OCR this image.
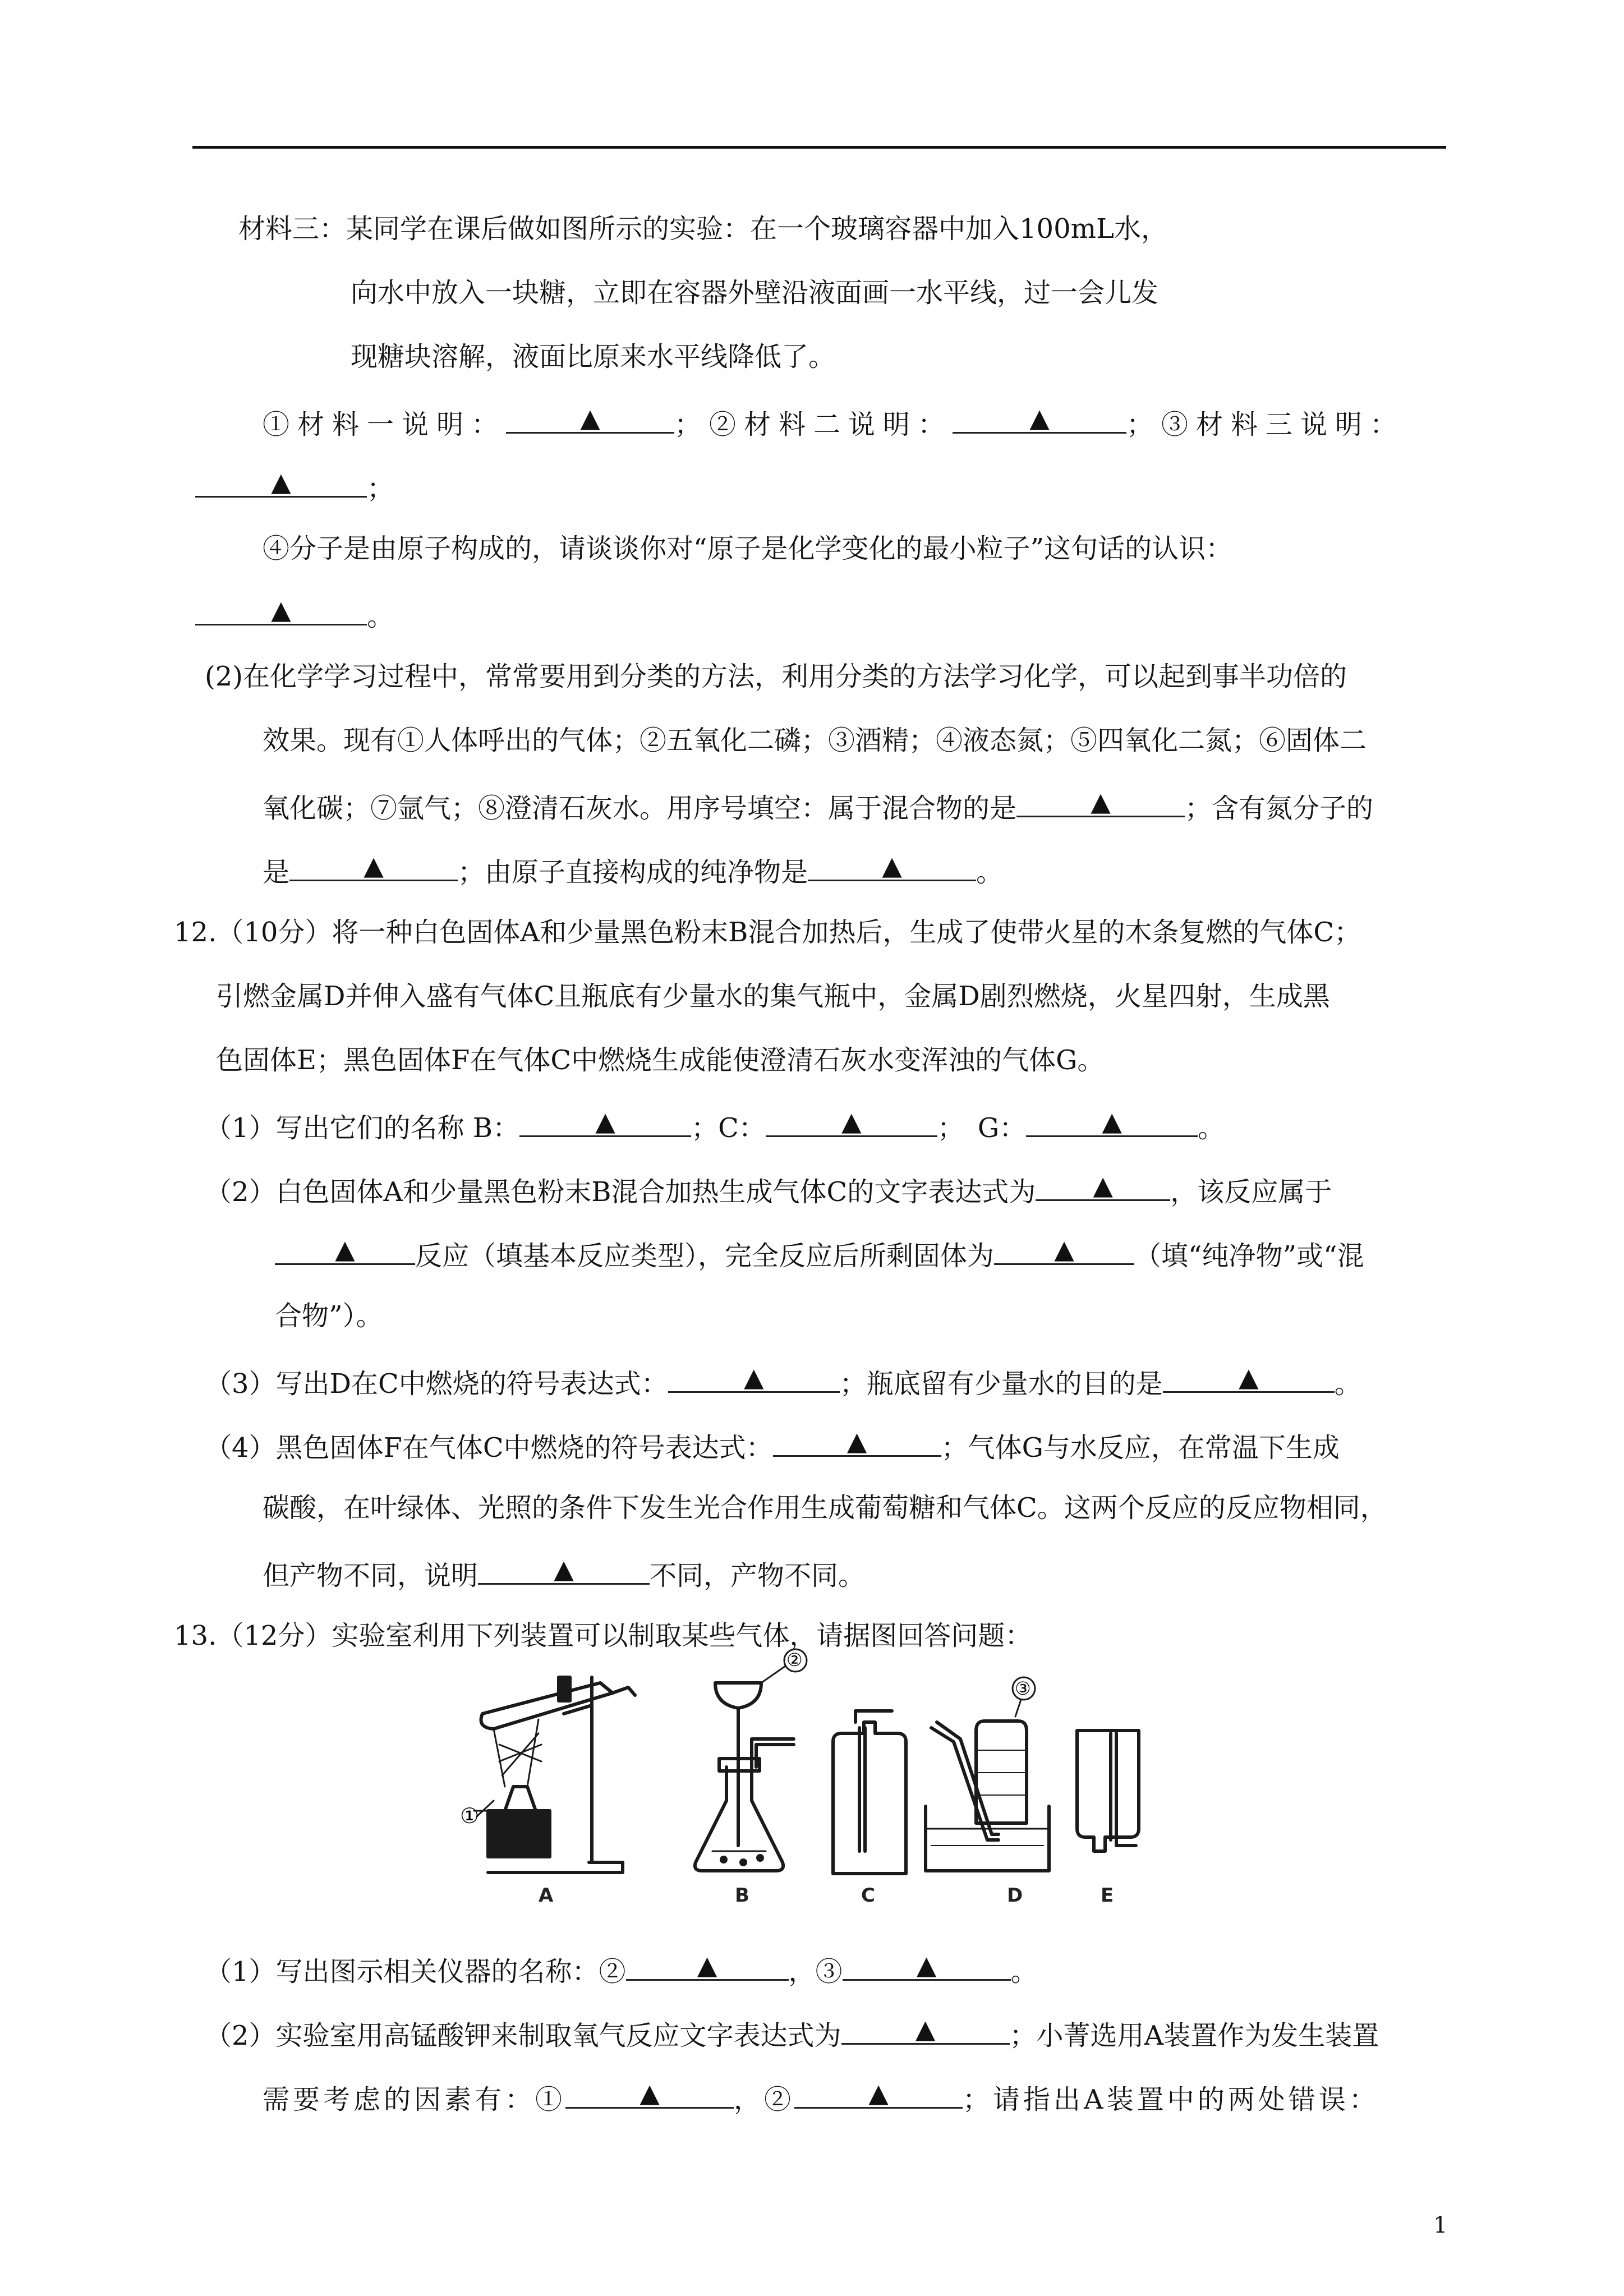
材料三：某同学在课后做如图所示的实验：在一个玻璃容器中加入100mL水，
向水中放入一块糖，立即在容器外壁沿液面画一水平线，过一会儿发
现糖块溶解，液面比原来水平线降低了。
①材料一说明：	▲	；②材料二说明：	▲	；③材料三说明：
▲	；
④分子是由原子构成的，请谈谈你对“原子是化学变化的最小粒子”这句话的认识：
▲	。
(2)在化学学习过程中，常常要用到分类的方法，利用分类的方法学习化学，可以起到事半功倍的
效果。现有①人体呼出的气体；②五氧化二磷；③酒精；④液态氮；⑤四氧化二氮；⑥固体二
氧化碳；⑦氩气；⑧澄清石灰水。用序号填空：属于混合物的是	▲	；含有氮分子的
是	▲	；由原子直接构成的纯净物是	▲	。
12.（10分）将一种白色固体A和少量黑色粉末B混合加热后，生成了使带火星的木条复燃的气体C；
引燃金属D并伸入盛有气体C且瓶底有少量水的集气瓶中，金属D剧烈燃烧，火星四射，生成黑
色固体E；黑色固体F在气体C中燃烧生成能使澄清石灰水变浑浊的气体G。
（1）写出它们的名称 B：	▲	；C：	▲	；　G：	▲	。
（2）白色固体A和少量黑色粉末B混合加热生成气体C的文字表达式为 ▲ ，该反应属于
▲ 反应（填基本反应类型），完全反应后所剩固体为 ▲ （填“纯净物”或“混
合物”）。
（3）写出D在C中燃烧的符号表达式：	▲	；瓶底留有少量水的目的是	▲	。
（4）黑色固体F在气体C中燃烧的符号表达式：	▲	；气体G与水反应，在常温下生成
碳酸，在叶绿体、光照的条件下发生光合作用生成葡萄糖和气体C。这两个反应的反应物相同，
但产物不同，说明	▲	不同，产物不同。
13.（12分）实验室利用下列装置可以制取某些气体，请据图回答问题：
A	B	C	D	E
①
②
③
（1）写出图示相关仪器的名称：②	▲	，③	▲	。
（2）实验室用高锰酸钾来制取氧气反应文字表达式为	▲	；小菁选用A装置作为发生装置
需要考虑的因素有：①	▲	，②	▲	；请指出A装置中的两处错误：
1
